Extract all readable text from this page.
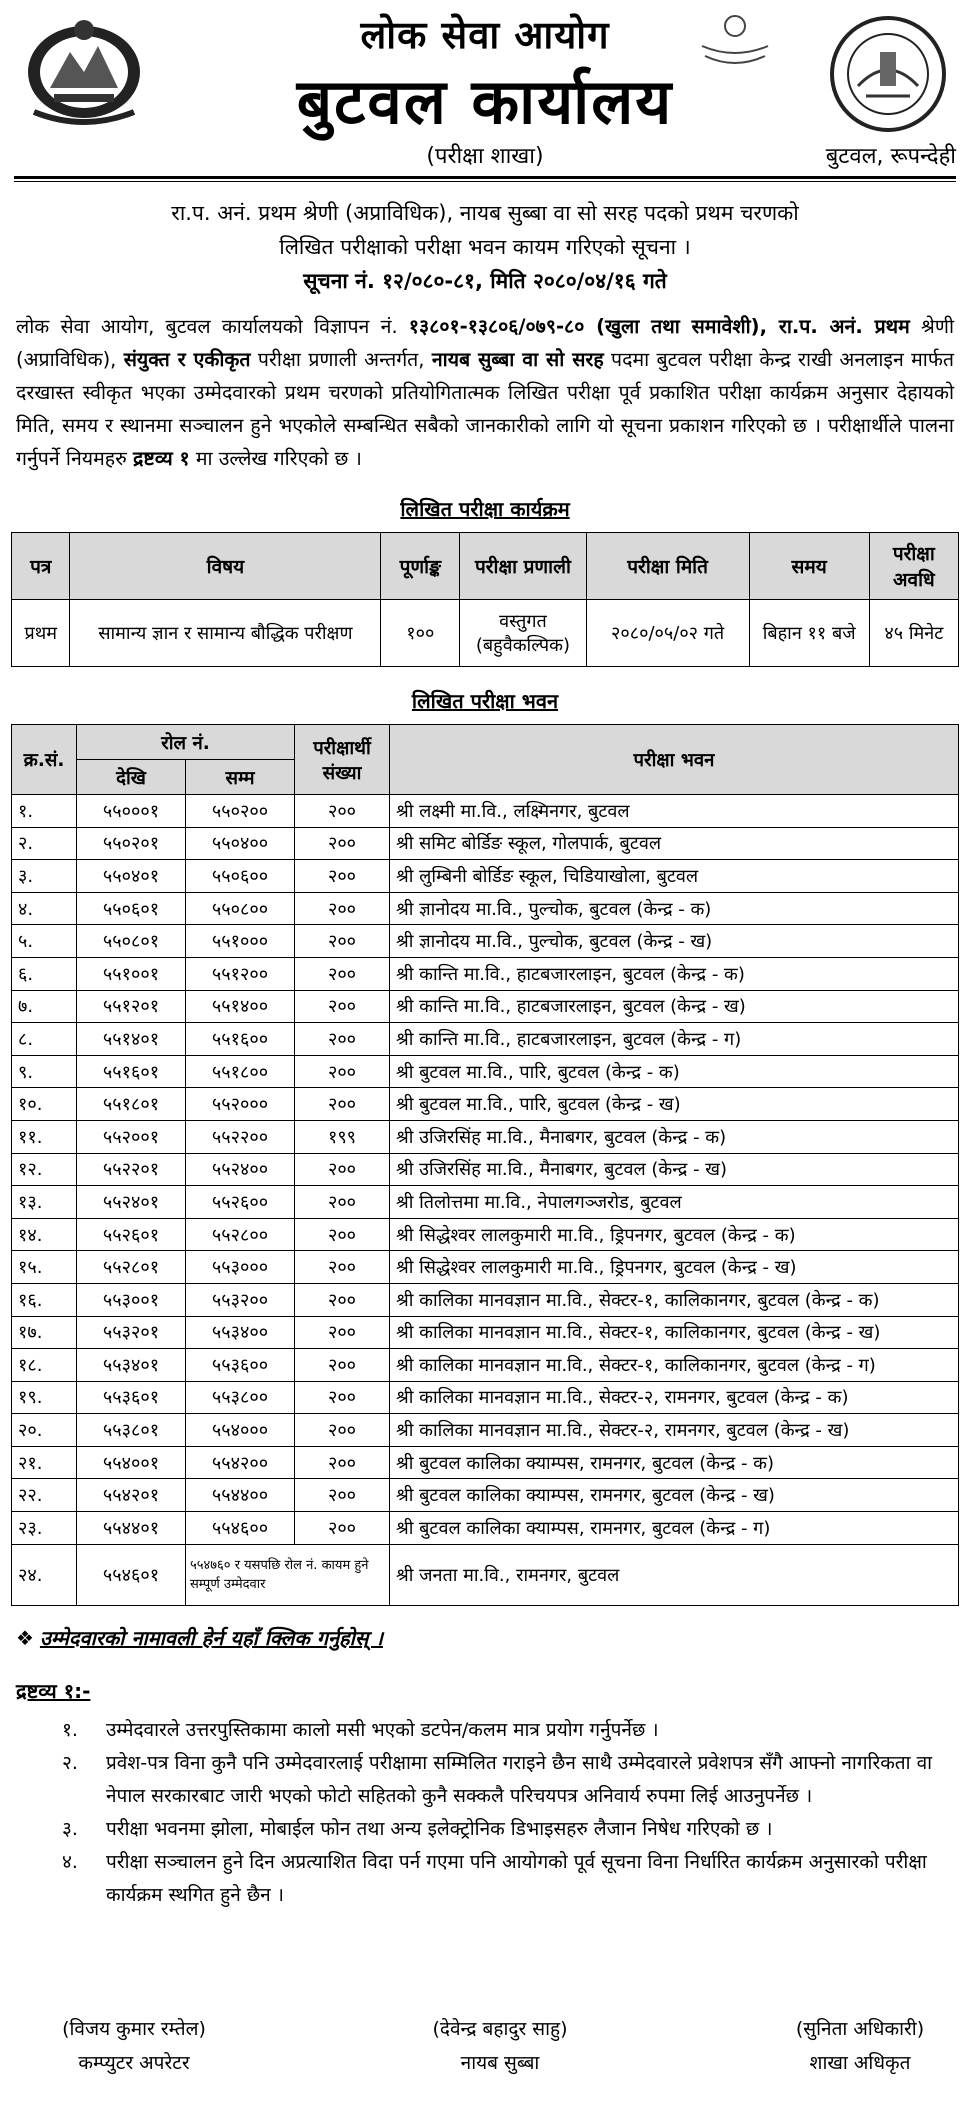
लोक सेवा आयोग
बुटवल कार्यालय
(परीक्षा शाखा)	बुटवल, रूपन्देही
रा.प. अनं. प्रथम श्रेणी (अप्राविधिक), नायब सुब्बा वा सो सरह पदको प्रथम चरणको
लिखित परीक्षाको परीक्षा भवन कायम गरिएको सूचना ।
सूचना नं. १२/०८०-८१, मिति २०८०/०४/१६ गते
लोक सेवा आयोग, बुटवल कार्यालयको विज्ञापन नं. १३८०१-१३८०६/०७९-८० (खुला तथा समावेशी), रा.प. अनं. प्रथम श्रेणी (अप्राविधिक), संयुक्त र एकीकृत परीक्षा प्रणाली अन्तर्गत, नायब सुब्बा वा सो सरह पदमा बुटवल परीक्षा केन्द्र राखी अनलाइन मार्फत दरखास्त स्वीकृत भएका उम्मेदवारको प्रथम चरणको प्रतियोगितात्मक लिखित परीक्षा पूर्व प्रकाशित परीक्षा कार्यक्रम अनुसार देहायको मिति, समय र स्थानमा सञ्चालन हुने भएकोले सम्बन्धित सबैको जानकारीको लागि यो सूचना प्रकाशन गरिएको छ । परीक्षार्थीले पालना गर्नुपर्ने नियमहरु द्रष्टव्य १ मा उल्लेख गरिएको छ ।
लिखित परीक्षा कार्यक्रम
पत्र	विषय	पूर्णाङ्क	परीक्षा प्रणाली	परीक्षा मिति	समय	परीक्षा अवधि
प्रथम	सामान्य ज्ञान र सामान्य बौद्धिक परीक्षण	१००	वस्तुगत (बहुवैकल्पिक)	२०८०/०५/०२ गते	बिहान ११ बजे	४५ मिनेट
लिखित परीक्षा भवन
क्र.सं.	रोल नं.		परीक्षार्थी संख्या	परीक्षा भवन
	देखि	सम्म		
१.	५५०००१	५५०२००	२००	श्री लक्ष्मी मा.वि., लक्ष्मिनगर, बुटवल
२.	५५०२०१	५५०४००	२००	श्री समिट बोर्डिङ स्कूल, गोलपार्क, बुटवल
३.	५५०४०१	५५०६००	२००	श्री लुम्बिनी बोर्डिङ स्कूल, चिडियाखोला, बुटवल
४.	५५०६०१	५५०८००	२००	श्री ज्ञानोदय मा.वि., पुल्चोक, बुटवल (केन्द्र - क)
५.	५५०८०१	५५१०००	२००	श्री ज्ञानोदय मा.वि., पुल्चोक, बुटवल (केन्द्र - ख)
६.	५५१००१	५५१२००	२००	श्री कान्ति मा.वि., हाटबजारलाइन, बुटवल (केन्द्र - क)
७.	५५१२०१	५५१४००	२००	श्री कान्ति मा.वि., हाटबजारलाइन, बुटवल (केन्द्र - ख)
८.	५५१४०१	५५१६००	२००	श्री कान्ति मा.वि., हाटबजारलाइन, बुटवल (केन्द्र - ग)
९.	५५१६०१	५५१८००	२००	श्री बुटवल मा.वि., पारि, बुटवल (केन्द्र - क)
१०.	५५१८०१	५५२०००	२००	श्री बुटवल मा.वि., पारि, बुटवल (केन्द्र - ख)
११.	५५२००१	५५२२००	१९९	श्री उजिरसिंह मा.वि., मैनाबगर, बुटवल (केन्द्र - क)
१२.	५५२२०१	५५२४००	२००	श्री उजिरसिंह मा.वि., मैनाबगर, बुटवल (केन्द्र - ख)
१३.	५५२४०१	५५२६००	२००	श्री तिलोत्तमा मा.वि., नेपालगञ्जरोड, बुटवल
१४.	५५२६०१	५५२८००	२००	श्री सिद्धेश्वर लालकुमारी मा.वि., ड्रिपनगर, बुटवल (केन्द्र - क)
१५.	५५२८०१	५५३०००	२००	श्री सिद्धेश्वर लालकुमारी मा.वि., ड्रिपनगर, बुटवल (केन्द्र - ख)
१६.	५५३००१	५५३२००	२००	श्री कालिका मानवज्ञान मा.वि., सेक्टर-१, कालिकानगर, बुटवल (केन्द्र - क)
१७.	५५३२०१	५५३४००	२००	श्री कालिका मानवज्ञान मा.वि., सेक्टर-१, कालिकानगर, बुटवल (केन्द्र - ख)
१८.	५५३४०१	५५३६००	२००	श्री कालिका मानवज्ञान मा.वि., सेक्टर-१, कालिकानगर, बुटवल (केन्द्र - ग)
१९.	५५३६०१	५५३८००	२००	श्री कालिका मानवज्ञान मा.वि., सेक्टर-२, रामनगर, बुटवल (केन्द्र - क)
२०.	५५३८०१	५५४०००	२००	श्री कालिका मानवज्ञान मा.वि., सेक्टर-२, रामनगर, बुटवल (केन्द्र - ख)
२१.	५५४००१	५५४२००	२००	श्री बुटवल कालिका क्याम्पस, रामनगर, बुटवल (केन्द्र - क)
२२.	५५४२०१	५५४४००	२००	श्री बुटवल कालिका क्याम्पस, रामनगर, बुटवल (केन्द्र - ख)
२३.	५५४४०१	५५४६००	२००	श्री बुटवल कालिका क्याम्पस, रामनगर, बुटवल (केन्द्र - ग)
२४.	५५४६०१	५५४७६० र यसपछि रोल नं. कायम हुने सम्पूर्ण उम्मेदवार		श्री जनता मा.वि., रामनगर, बुटवल
❖ उम्मेदवारको नामावली हेर्न यहाँ क्लिक गर्नुहोस् ।
द्रष्टव्य १:-
१.	उम्मेदवारले उत्तरपुस्तिकामा कालो मसी भएको डटपेन/कलम मात्र प्रयोग गर्नुपर्नेछ ।
२.	प्रवेश-पत्र विना कुनै पनि उम्मेदवारलाई परीक्षामा सम्मिलित गराइने छैन साथै उम्मेदवारले प्रवेशपत्र सँगै आफ्नो नागरिकता वा नेपाल सरकारबाट जारी भएको फोटो सहितको कुनै सक्कलै परिचयपत्र अनिवार्य रुपमा लिई आउनुपर्नेछ ।
३.	परीक्षा भवनमा झोला, मोबाईल फोन तथा अन्य इलेक्ट्रोनिक डिभाइसहरु लैजान निषेध गरिएको छ ।
४.	परीक्षा सञ्चालन हुने दिन अप्रत्याशित विदा पर्न गएमा पनि आयोगको पूर्व सूचना विना निर्धारित कार्यक्रम अनुसारको परीक्षा कार्यक्रम स्थगित हुने छैन ।
(विजय कुमार रम्तेल)
कम्प्युटर अपरेटर
(देवेन्द्र बहादुर साहु)
नायब सुब्बा
(सुनिता अधिकारी)
शाखा अधिकृत
